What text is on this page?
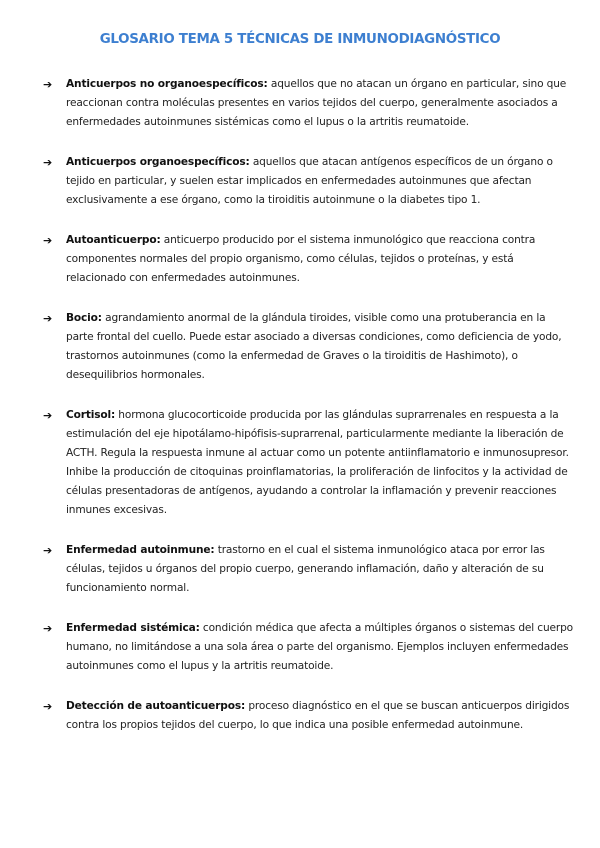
GLOSARIO TEMA 5 TÉCNICAS DE INMUNODIAGNÓSTICO
➔ Anticuerpos no organoespecíficos: aquellos que no atacan un órgano en particular, sino que reaccionan contra moléculas presentes en varios tejidos del cuerpo, generalmente asociados a enfermedades autoinmunes sistémicas como el lupus o la artritis reumatoide.
➔ Anticuerpos organoespecíficos: aquellos que atacan antígenos específicos de un órgano o tejido en particular, y suelen estar implicados en enfermedades autoinmunes que afectan exclusivamente a ese órgano, como la tiroiditis autoinmune o la diabetes tipo 1.
➔ Autoanticuerpo: anticuerpo producido por el sistema inmunológico que reacciona contra componentes normales del propio organismo, como células, tejidos o proteínas, y está relacionado con enfermedades autoinmunes.
➔ Bocio: agrandamiento anormal de la glándula tiroides, visible como una protuberancia en la parte frontal del cuello. Puede estar asociado a diversas condiciones, como deficiencia de yodo, trastornos autoinmunes (como la enfermedad de Graves o la tiroiditis de Hashimoto), o desequilibrios hormonales.
➔ Cortisol: hormona glucocorticoide producida por las glándulas suprarrenales en respuesta a la estimulación del eje hipotálamo-hipófisis-suprarrenal, particularmente mediante la liberación de ACTH. Regula la respuesta inmune al actuar como un potente antiinflamatorio e inmunosupresor. Inhibe la producción de citoquinas proinflamatorias, la proliferación de linfocitos y la actividad de células presentadoras de antígenos, ayudando a controlar la inflamación y prevenir reacciones inmunes excesivas.
➔ Enfermedad autoinmune: trastorno en el cual el sistema inmunológico ataca por error las células, tejidos u órganos del propio cuerpo, generando inflamación, daño y alteración de su funcionamiento normal.
➔ Enfermedad sistémica: condición médica que afecta a múltiples órganos o sistemas del cuerpo humano, no limitándose a una sola área o parte del organismo. Ejemplos incluyen enfermedades autoinmunes como el lupus y la artritis reumatoide.
➔ Detección de autoanticuerpos: proceso diagnóstico en el que se buscan anticuerpos dirigidos contra los propios tejidos del cuerpo, lo que indica una posible enfermedad autoinmune.
